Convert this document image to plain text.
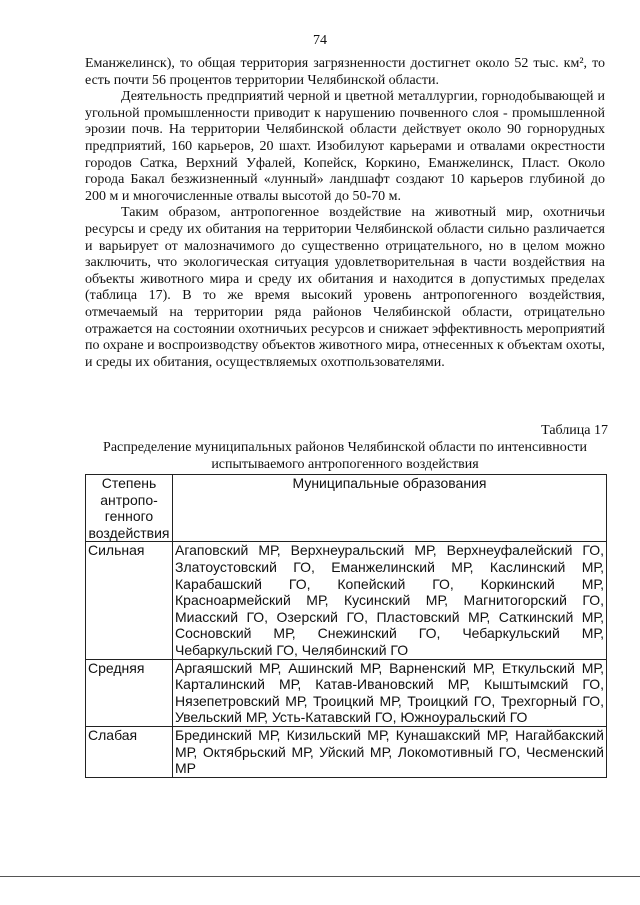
74

Еманжелинск), то общая территория загрязненности достигнет около 52 тыс. км², то есть почти 56 процентов территории Челябинской области.

Деятельность предприятий черной и цветной металлургии, горнодобывающей и угольной промышленности приводит к нарушению почвенного слоя - промышленной эрозии почв. На территории Челябинской области действует около 90 горнорудных предприятий, 160 карьеров, 20 шахт. Изобилуют карьерами и отвалами окрестности городов Сатка, Верхний Уфалей, Копейск, Коркино, Еманжелинск, Пласт. Около города Бакал безжизненный «лунный» ландшафт создают 10 карьеров глубиной до 200 м и многочисленные отвалы высотой до 50-70 м.

Таким образом, антропогенное воздействие на животный мир, охотничьи ресурсы и среду их обитания на территории Челябинской области сильно различается и варьирует от малозначимого до существенно отрицательного, но в целом можно заключить, что экологическая ситуация удовлетворительная в части воздействия на объекты животного мира и среду их обитания и находится в допустимых пределах (таблица 17). В то же время высокий уровень антропогенного воздействия, отмечаемый на территории ряда районов Челябинской области, отрицательно отражается на состоянии охотничьих ресурсов и снижает эффективность мероприятий по охране и воспроизводству объектов животного мира, отнесенных к объектам охоты, и среды их обитания, осуществляемых охотпользователями.

Таблица 17
Распределение муниципальных районов Челябинской области по интенсивности испытываемого антропогенного воздействия
Степень антропо-генного воздействия	Муниципальные образования
Сильная	Агаповский МР, Верхнеуральский МР, Верхнеуфалейский ГО, Златоустовский ГО, Еманжелинский МР, Каслинский МР, Карабашский ГО, Копейский ГО, Коркинский МР, Красноармейский МР, Кусинский МР, Магнитогорский ГО, Миасский ГО, Озерский ГО, Пластовский МР, Саткинский МР, Сосновский МР, Снежинский ГО, Чебаркульский МР, Чебаркульский ГО, Челябинский ГО
Средняя	Аргаяшский МР, Ашинский МР, Варненский МР, Еткульский МР, Карталинский МР, Катав-Ивановский МР, Кыштымский ГО, Нязепетровский МР, Троицкий МР, Троицкий ГО, Трехгорный ГО, Увельский МР, Усть-Катавский ГО, Южноуральский ГО
Слабая	Брединский МР, Кизильский МР, Кунашакский МР, Нагайбакский МР, Октябрьский МР, Уйский МР, Локомотивный ГО, Чесменский МР
